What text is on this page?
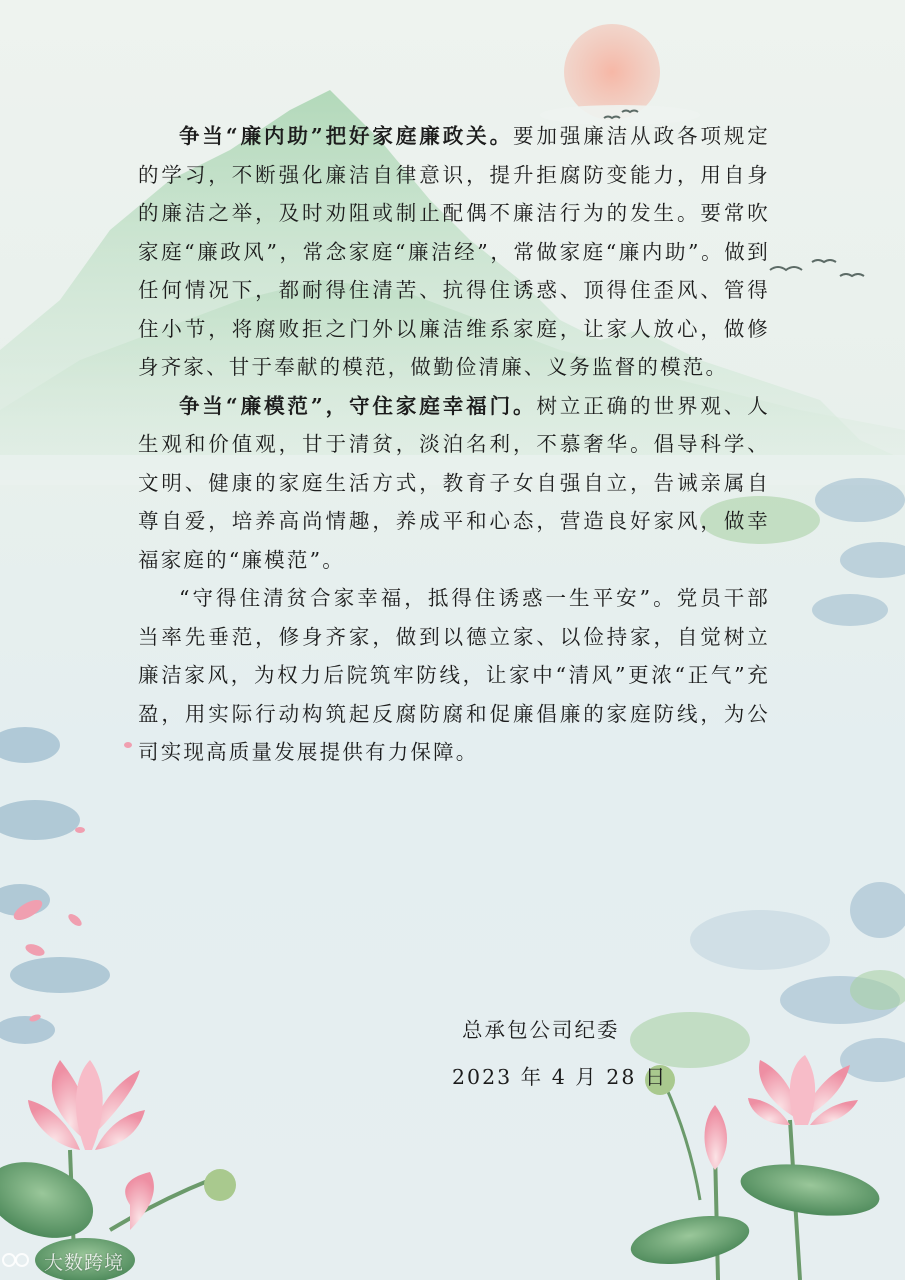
争当“廉内助”把好家庭廉政关。要加强廉洁从政各项规定的学习，不断强化廉洁自律意识，提升拒腐防变能力，用自身的廉洁之举，及时劝阻或制止配偶不廉洁行为的发生。要常吹家庭“廉政风”，常念家庭“廉洁经”，常做家庭“廉内助”。做到任何情况下，都耐得住清苦、抗得住诱惑、顶得住歪风、管得住小节，将腐败拒之门外以廉洁维系家庭，让家人放心，做修身齐家、甘于奉献的模范，做勤俭清廉、义务监督的模范。

争当“廉模范”，守住家庭幸福门。树立正确的世界观、人生观和价值观，甘于清贫，淡泊名利，不慕奢华。倡导科学、文明、健康的家庭生活方式，教育子女自强自立，告诫亲属自尊自爱，培养高尚情趣，养成平和心态，营造良好家风，做幸福家庭的“廉模范”。

“守得住清贫合家幸福，抵得住诱惑一生平安”。党员干部当率先垂范，修身齐家，做到以德立家、以俭持家，自觉树立廉洁家风，为权力后院筑牢防线，让家中“清风”更浓“正气”充盈，用实际行动构筑起反腐防腐和促廉倡廉的家庭防线，为公司实现高质量发展提供有力保障。

总承包公司纪委
2023 年 4 月 28 日
大数跨境
